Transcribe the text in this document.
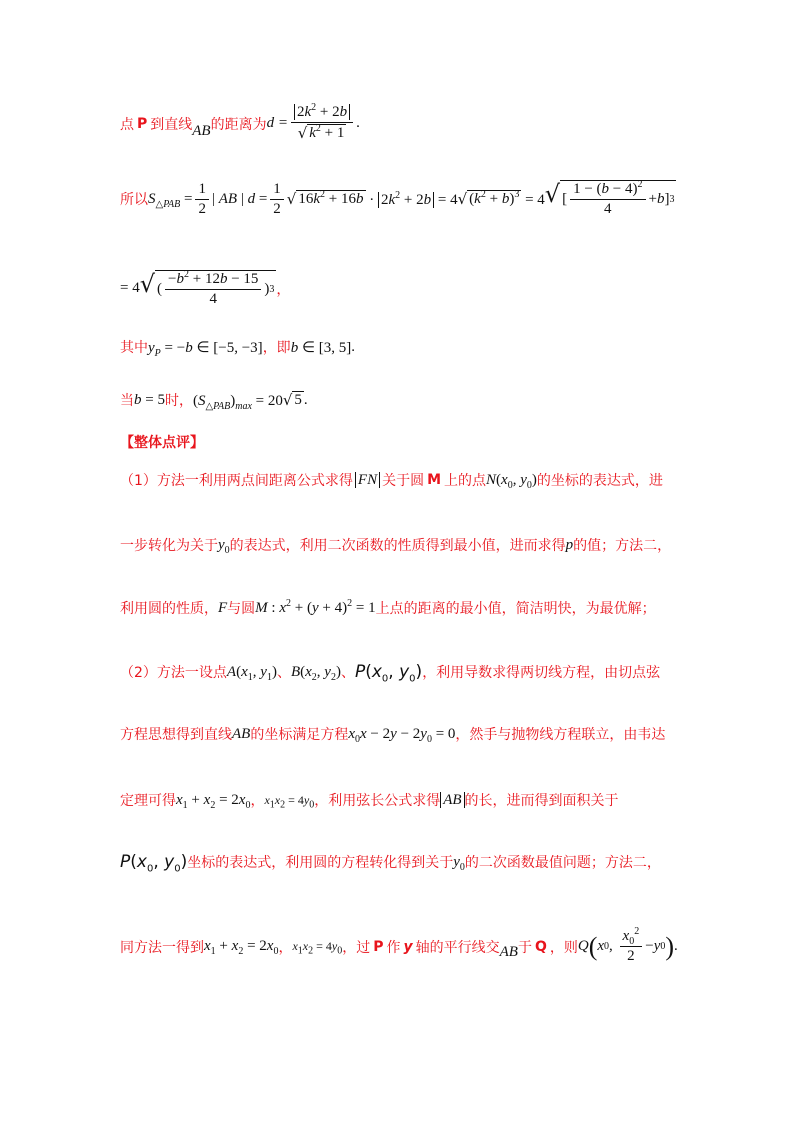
点 P 到直线 AB 的距离为 $d = \frac{2k^2 + 2b}{√ k^2 + 1}$ .
所以 $S_{\triangle PAB} = \frac{1}{2}$ | AB | $d = \frac{1}{2}$ √ $16k^2 + 16b \cdot 2k^2 + 2b = 4$ √ $(k^2 + b)^3 = 4$ √ [ $\frac{1 - (b - 4)^2}{4} + b$ ] 3
= 4 √ ( $\frac{-b^2 + 12b - 15}{4}$ ) 3 ，
其中 $y_P = -b$ ∈ [−5, −3] ，即 b ∈ [3, 5] .
当 b = 5 时， $(S_{\triangle PAB})_{max} = 20$ √ 5 .
【整体点评】
（1）方法一利用两点间距离公式求得 FN 关于圆 M 上的点 $N(x_0$, $y_0$) 的坐标的表达式，进
一步转化为关于 $y_0$ 的表达式，利用二次函数的性质得到最小值，进而求得 p 的值；方法二，
利用圆的性质， F 与圆 M : $x^2 + (y + 4)^2 = 1$ 上点的距离的最小值，简洁明快，为最优解；
（2）方法一设点 $A(x_1$, $y_1$) 、 $B(x_2$, $y_2$) 、 $P(x_0$, $y_0$) ，利用导数求得两切线方程，由切点弦
方程思想得到直线 AB 的坐标满足方程 $x_0x - 2y - 2y_0 = 0$ ，然手与抛物线方程联立，由韦达
定理可得 $x_1 + x_2 = 2x_0$ ， $x_1x_2 = 4y_0$ ，利用弦长公式求得 AB 的长，进而得到面积关于
$P(x_0$, $y_0$) 坐标的表达式，利用圆的方程转化得到关于 $y_0$ 的二次函数最值问题；方法二，
同方法一得到 $x_1 + x_2 = 2x_0$ ， $x_1x_2 = 4y_0$ ，过 P 作 y 轴的平行线交 AB 于 Q ，则 Q ( x 0 , $\frac{x_0^2}{2} - y$ 0 ) .
